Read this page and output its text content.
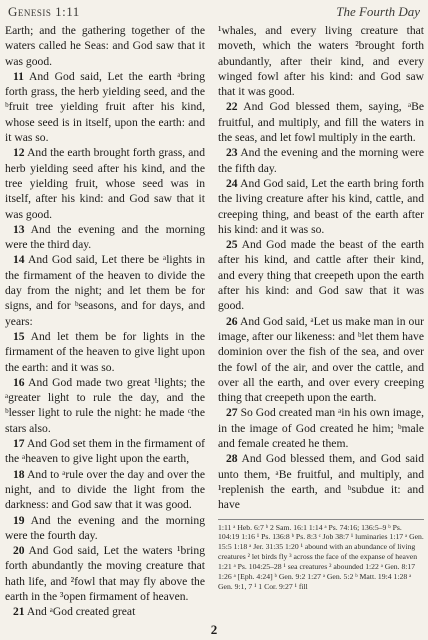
Genesis 1:11	The Fourth Day

Earth; and the gathering together of the waters called he Seas: and God saw that it was good.

11 And God said, Let the earth ᵃbring forth grass, the herb yielding seed, and the ᵇfruit tree yielding fruit after his kind, whose seed is in itself, upon the earth: and it was so.

12 And the earth brought forth grass, and herb yielding seed after his kind, and the tree yielding fruit, whose seed was in itself, after his kind: and God saw that it was good.

13 And the evening and the morning were the third day.

14 And God said, Let there be ᵃlights in the firmament of the heaven to divide the day from the night; and let them be for signs, and for ᵇseasons, and for days, and years:

15 And let them be for lights in the firmament of the heaven to give light upon the earth: and it was so.

16 And God made two great ¹lights; the ᵃgreater light to rule the day, and the ᵇlesser light to rule the night: he made ᶜthe stars also.

17 And God set them in the firmament of the ᵃheaven to give light upon the earth,

18 And to ᵃrule over the day and over the night, and to divide the light from the darkness: and God saw that it was good.

19 And the evening and the morning were the fourth day.

20 And God said, Let the waters ¹bring forth abundantly the moving creature that hath life, and ²fowl that may fly above the earth in the ³open firmament of heaven.

21 And ᵃGod created great

¹whales, and every living creature that moveth, which the waters ²brought forth abundantly, after their kind, and every winged fowl after his kind: and God saw that it was good.

22 And God blessed them, saying, ᵃBe fruitful, and multiply, and fill the waters in the seas, and let fowl multiply in the earth.

23 And the evening and the morning were the fifth day.

24 And God said, Let the earth bring forth the living creature after his kind, cattle, and creeping thing, and beast of the earth after his kind: and it was so.

25 And God made the beast of the earth after his kind, and cattle after their kind, and every thing that creepeth upon the earth after his kind: and God saw that it was good.

26 And God said, ᵃLet us make man in our image, after our likeness: and ᵇlet them have dominion over the fish of the sea, and over the fowl of the air, and over the cattle, and over all the earth, and over every creeping thing that creepeth upon the earth.

27 So God created man ᵃin his own image, in the image of God created he him; ᵇmale and female created he them.

28 And God blessed them, and God said unto them, ᵃBe fruitful, and multiply, and ¹replenish the earth, and ᵇsubdue it: and have

1:11 ᵃ Heb. 6:7 ᵇ 2 Sam. 16:1 1:14 ᵃ Ps. 74:16; 136:5–9 ᵇ Ps. 104:19 1:16 ¹ Ps. 136:8 ᵇ Ps. 8:3 ᶜ Job 38:7 ¹ luminaries 1:17 ᵃ Gen. 15:5 1:18 ᵃ Jer. 31:35 1:20 ¹ abound with an abundance of living creatures ² let birds fly ³ across the face of the expanse of heaven 1:21 ᵃ Ps. 104:25–28 ¹ sea creatures ² abounded 1:22 ᵃ Gen. 8:17 1:26 ᵃ [Eph. 4:24] ᵇ Gen. 9:2 1:27 ᵃ Gen. 5:2 ᵇ Matt. 19:4 1:28 ᵃ Gen. 9:1, 7 ¹ 1 Cor. 9:27 ¹ fill
2
